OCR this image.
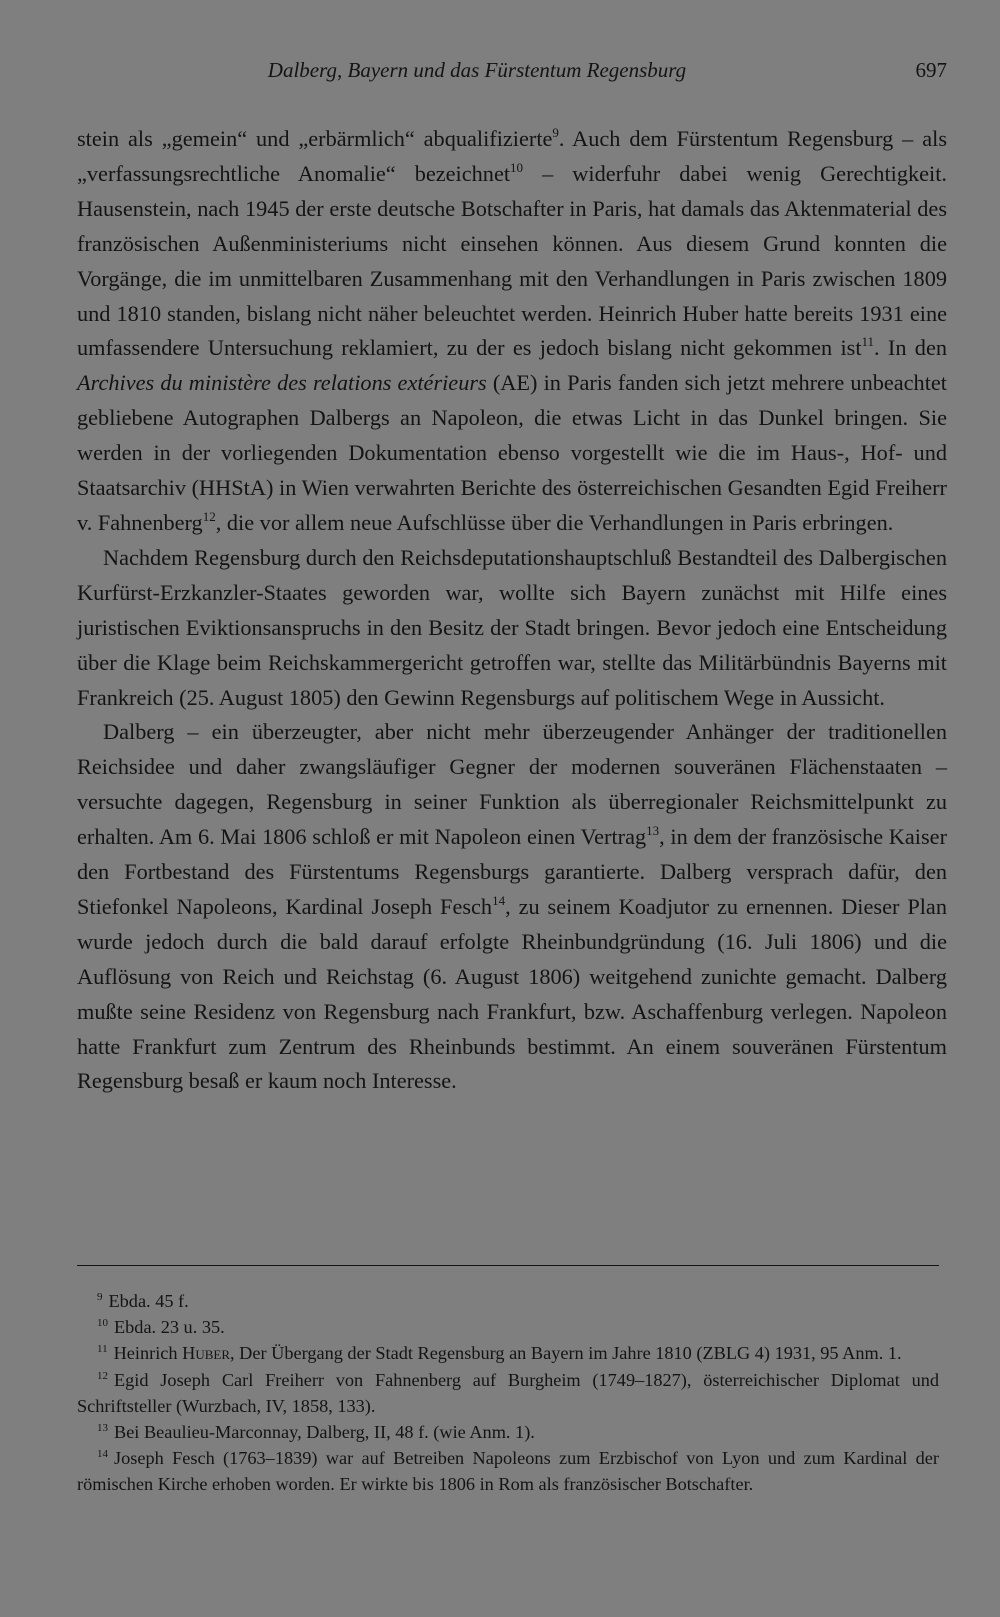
Dalberg, Bayern und das Fürstentum Regensburg	697

stein als „gemein“ und „erbärmlich“ abqualifizierte$^9$. Auch dem Fürstentum Regensburg – als „verfassungsrechtliche Anomalie“ bezeichnet$^{10}$ – widerfuhr dabei wenig Gerechtigkeit. Hausenstein, nach 1945 der erste deutsche Botschafter in Paris, hat damals das Aktenmaterial des französischen Außenministeriums nicht einsehen können. Aus diesem Grund konnten die Vorgänge, die im unmittelbaren Zusammenhang mit den Verhandlungen in Paris zwischen 1809 und 1810 standen, bislang nicht näher beleuchtet werden. Heinrich Huber hatte bereits 1931 eine umfassendere Untersuchung reklamiert, zu der es jedoch bislang nicht gekommen ist$^{11}$. In den Archives du ministère des relations extérieurs (AE) in Paris fanden sich jetzt mehrere unbeachtet gebliebene Autographen Dalbergs an Napoleon, die etwas Licht in das Dunkel bringen. Sie werden in der vorliegenden Dokumentation ebenso vorgestellt wie die im Haus-, Hof- und Staatsarchiv (HHStA) in Wien verwahrten Berichte des österreichischen Gesandten Egid Freiherr v. Fahnenberg$^{12}$, die vor allem neue Aufschlüsse über die Verhandlungen in Paris erbringen.

Nachdem Regensburg durch den Reichsdeputationshauptschluß Bestandteil des Dalbergischen Kurfürst-Erzkanzler-Staates geworden war, wollte sich Bayern zunächst mit Hilfe eines juristischen Eviktionsanspruchs in den Besitz der Stadt bringen. Bevor jedoch eine Entscheidung über die Klage beim Reichskammergericht getroffen war, stellte das Militärbündnis Bayerns mit Frankreich (25. August 1805) den Gewinn Regensburgs auf politischem Wege in Aussicht.

Dalberg – ein überzeugter, aber nicht mehr überzeugender Anhänger der traditionellen Reichsidee und daher zwangsläufiger Gegner der modernen souveränen Flächenstaaten – versuchte dagegen, Regensburg in seiner Funktion als überregionaler Reichsmittelpunkt zu erhalten. Am 6. Mai 1806 schloß er mit Napoleon einen Vertrag$^{13}$, in dem der französische Kaiser den Fortbestand des Fürstentums Regensburgs garantierte. Dalberg versprach dafür, den Stiefonkel Napoleons, Kardinal Joseph Fesch$^{14}$, zu seinem Koadjutor zu ernennen. Dieser Plan wurde jedoch durch die bald darauf erfolgte Rheinbundgründung (16. Juli 1806) und die Auflösung von Reich und Reichstag (6. August 1806) weitgehend zunichte gemacht. Dalberg mußte seine Residenz von Regensburg nach Frankfurt, bzw. Aschaffenburg verlegen. Napoleon hatte Frankfurt zum Zentrum des Rheinbunds bestimmt. An einem souveränen Fürstentum Regensburg besaß er kaum noch Interesse.

$^9$ Ebda. 45 f.

$^{10}$ Ebda. 23 u. 35.

$^{11}$ Heinrich Huber, Der Übergang der Stadt Regensburg an Bayern im Jahre 1810 (ZBLG 4) 1931, 95 Anm. 1.

$^{12}$ Egid Joseph Carl Freiherr von Fahnenberg auf Burgheim (1749–1827), österreichischer Diplomat und Schriftsteller (Wurzbach, IV, 1858, 133).

$^{13}$ Bei Beaulieu-Marconnay, Dalberg, II, 48 f. (wie Anm. 1).

$^{14}$ Joseph Fesch (1763–1839) war auf Betreiben Napoleons zum Erzbischof von Lyon und zum Kardinal der römischen Kirche erhoben worden. Er wirkte bis 1806 in Rom als französischer Botschafter.
